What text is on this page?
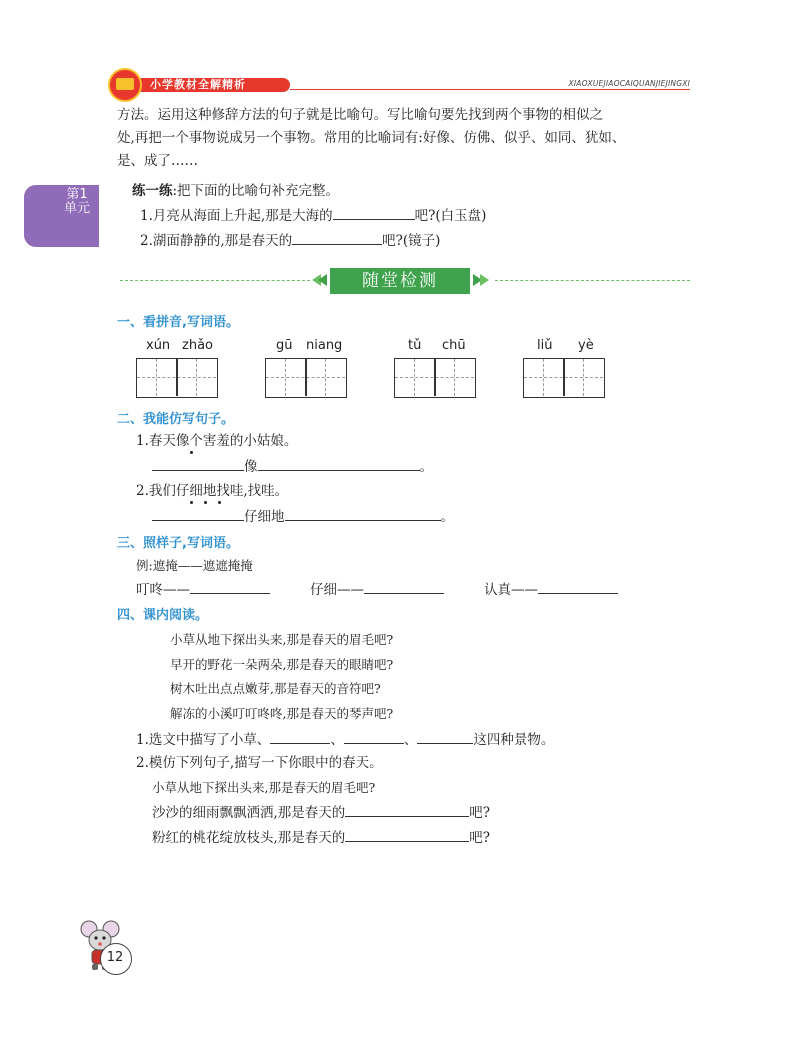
小学教材全解精析	XIAOXUEJIAOCAIQUANJIEJINGXI
第1单元
方法。运用这种修辞方法的句子就是比喻句。写比喻句要先找到两个事物的相似之
处,再把一个事物说成另一个事物。常用的比喻词有:好像、仿佛、似乎、如同、犹如、
是、成了……
练一练:把下面的比喻句补充完整。
1.月亮从海面上升起,那是大海的	吧?(白玉盘)
2.湖面静静的,那是春天的	吧?(镜子)
随堂检测
一、看拼音,写词语。
xún zhǎo	gū niang	tǔ chū	liǔ yè
二、我能仿写句子。
1.春天像个害羞的小姑娘。
像	。
2.我们仔细地找哇,找哇。
仔细地	。
三、照样子,写词语。
例:遮掩——遮遮掩掩
叮咚——	仔细——	认真——
四、课内阅读。
小草从地下探出头来,那是春天的眉毛吧?
早开的野花一朵两朵,那是春天的眼睛吧?
树木吐出点点嫩芽,那是春天的音符吧?
解冻的小溪叮叮咚咚,那是春天的琴声吧?
1.选文中描写了小草、	、	、	这四种景物。
2.模仿下列句子,描写一下你眼中的春天。
小草从地下探出头来,那是春天的眉毛吧?
沙沙的细雨飘飘洒洒,那是春天的	吧?
粉红的桃花绽放枝头,那是春天的	吧?
12
